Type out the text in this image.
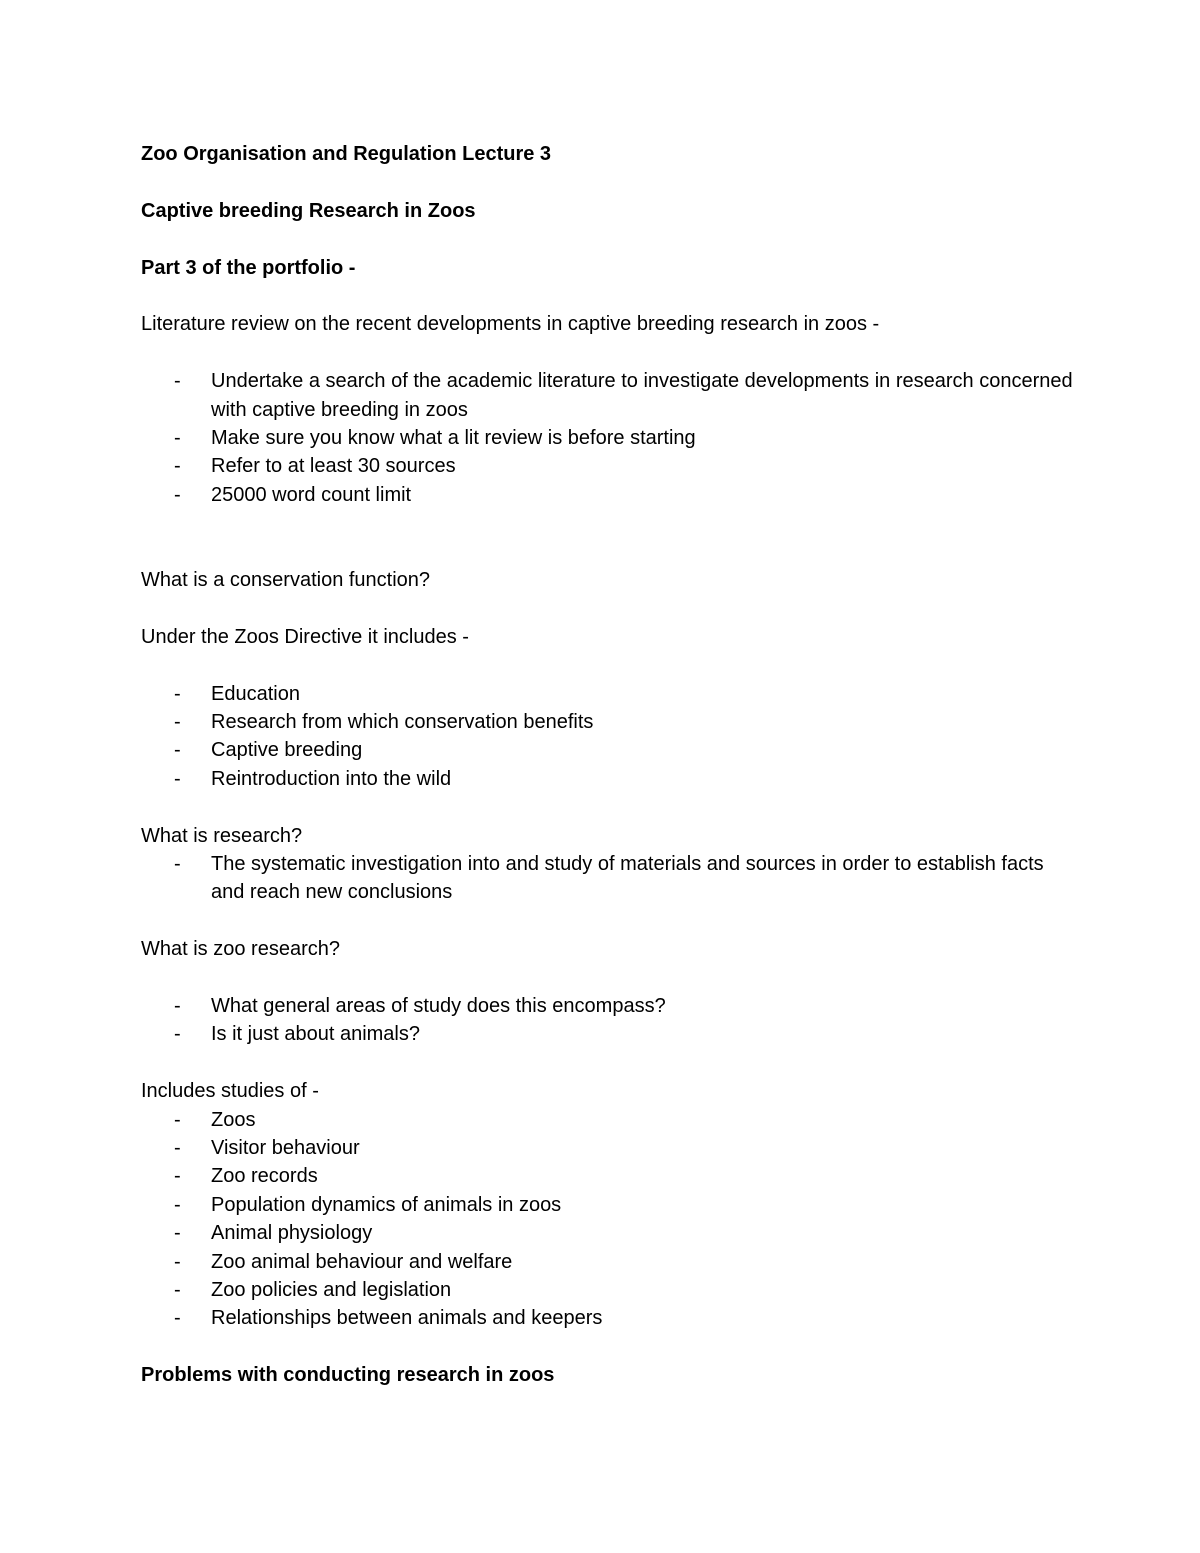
Zoo Organisation and Regulation Lecture 3

Captive breeding Research in Zoos

Part 3 of the portfolio -

Literature review on the recent developments in captive breeding research in zoos -

- Undertake a search of the academic literature to investigate developments in research concerned with captive breeding in zoos
- Make sure you know what a lit review is before starting
- Refer to at least 30 sources
- 25000 word count limit

What is a conservation function?

Under the Zoos Directive it includes -

- Education
- Research from which conservation benefits
- Captive breeding
- Reintroduction into the wild

What is research?

- The systematic investigation into and study of materials and sources in order to establish facts and reach new conclusions

What is zoo research?

- What general areas of study does this encompass?
- Is it just about animals?

Includes studies of -

- Zoos
- Visitor behaviour
- Zoo records
- Population dynamics of animals in zoos
- Animal physiology
- Zoo animal behaviour and welfare
- Zoo policies and legislation
- Relationships between animals and keepers

Problems with conducting research in zoos
